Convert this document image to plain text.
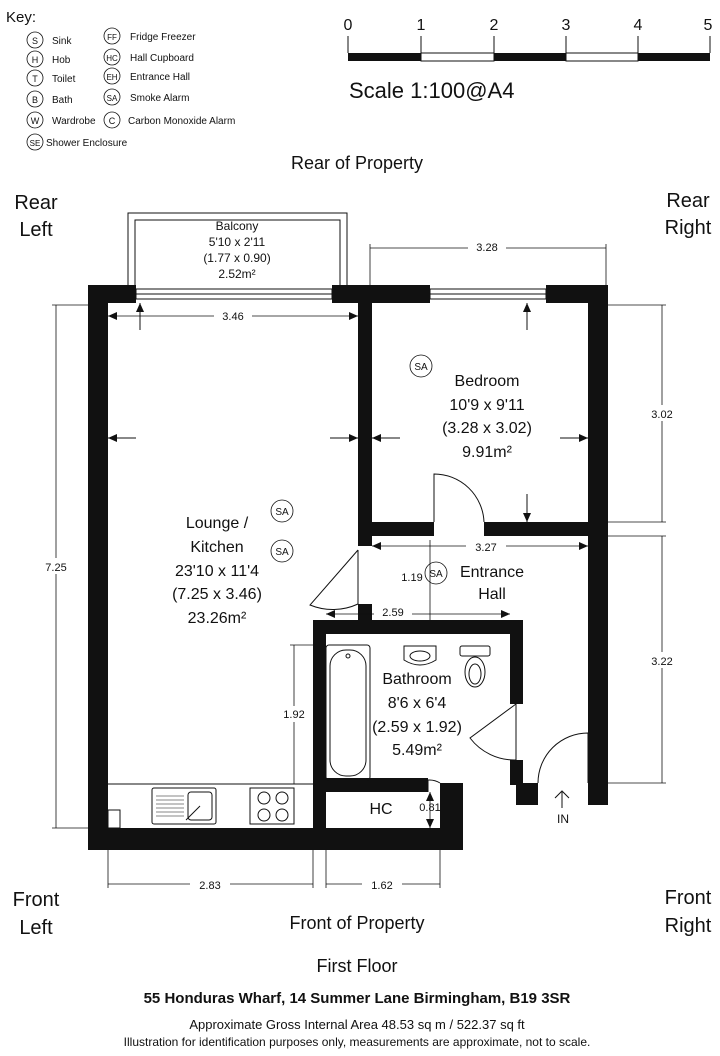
Key:
S Sink
H Hob
T Toilet
B Bath
W Wardrobe
SE Shower Enclosure
FF Fridge Freezer
HC Hall Cupboard
EH Entrance Hall
SA Smoke Alarm
C Carbon Monoxide Alarm
0	1	2	3	4	5
Scale 1:100@A4
Rear of Property
Rear
Left
Rear
Right
Front
Left
Front
Right
Front of Property
Balcony
5'10 x 2'11
(1.77 x 0.90)
2.52m²
SA
SA
SA
SA
3.28
3.46
7.25
3.02
3.22
3.27
1.19
2.59
1.92
0.81
2.83	1.62
Bedroom
10'9 x 9'11
(3.28 x 3.02)
9.91m²
Lounge /
Kitchen
23'10 x 11'4
(7.25 x 3.46)
23.26m²
Entrance
Hall
Bathroom
8'6 x 6'4
(2.59 x 1.92)
5.49m²
HC
IN
First Floor
55 Honduras Wharf, 14 Summer Lane Birmingham, B19 3SR
Approximate Gross Internal Area 48.53 sq m / 522.37 sq ft
Illustration for identification purposes only, measurements are approximate, not to scale.
